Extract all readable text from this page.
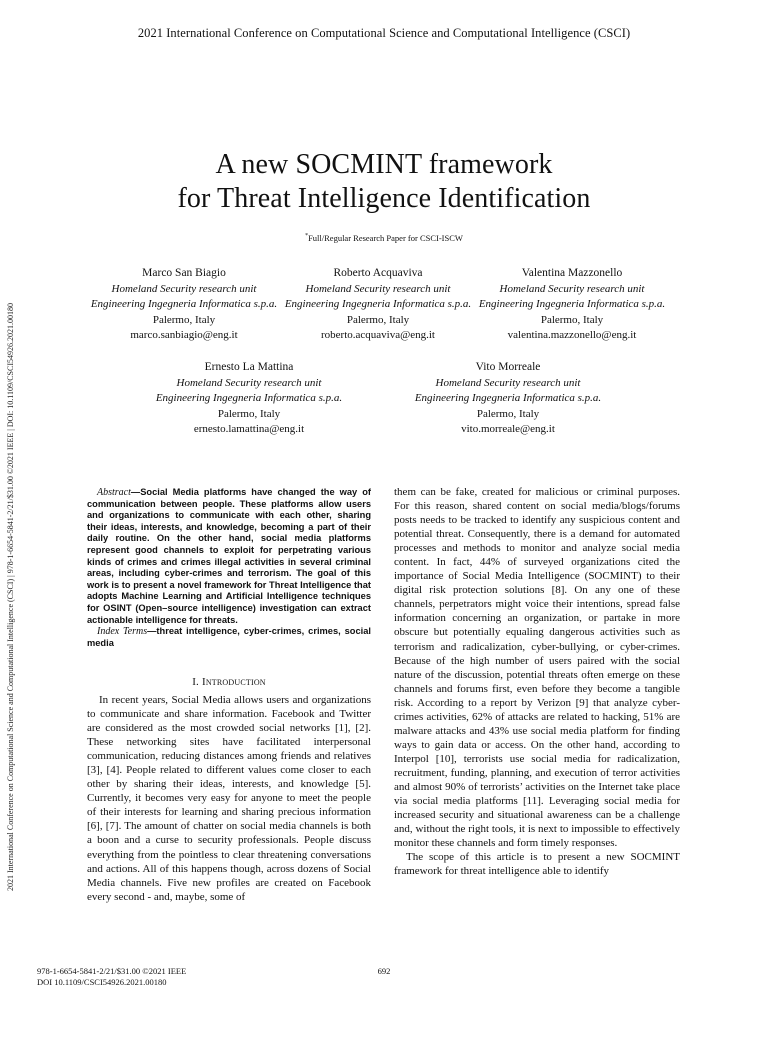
2021 International Conference on Computational Science and Computational Intelligence (CSCI)
2021 International Conference on Computational Science and Computational Intelligence (CSCI) | 978-1-6654-5841-2/21/$31.00 ©2021 IEEE | DOI: 10.1109/CSCI54926.2021.00180
A new SOCMINT framework
for Threat Intelligence Identification
*Full/Regular Research Paper for CSCI-ISCW
Marco San Biagio
Homeland Security research unit
Engineering Ingegneria Informatica s.p.a.
Palermo, Italy
marco.sanbiagio@eng.it
Roberto Acquaviva
Homeland Security research unit
Engineering Ingegneria Informatica s.p.a.
Palermo, Italy
roberto.acquaviva@eng.it
Valentina Mazzonello
Homeland Security research unit
Engineering Ingegneria Informatica s.p.a.
Palermo, Italy
valentina.mazzonello@eng.it
Ernesto La Mattina
Homeland Security research unit
Engineering Ingegneria Informatica s.p.a.
Palermo, Italy
ernesto.lamattina@eng.it
Vito Morreale
Homeland Security research unit
Engineering Ingegneria Informatica s.p.a.
Palermo, Italy
vito.morreale@eng.it

Abstract—Social Media platforms have changed the way of communication between people. These platforms allow users and organizations to communicate with each other, sharing their ideas, interests, and knowledge, becoming a part of their daily routine. On the other hand, social media platforms represent good channels to exploit for perpetrating various kinds of crimes and crimes illegal activities in several criminal areas, including cyber-crimes and terrorism. The goal of this work is to present a novel framework for Threat Intelligence that adopts Machine Learning and Artificial Intelligence techniques for OSINT (Open–source intelligence) investigation can extract actionable intelligence for threats.

Index Terms—threat intelligence, cyber-crimes, crimes, social media

I. Introduction

In recent years, Social Media allows users and organizations to communicate and share information. Facebook and Twitter are considered as the most crowded social networks [1], [2]. These networking sites have facilitated interpersonal communication, reducing distances among friends and relatives [3], [4]. People related to different values come closer to each other by sharing their ideas, interests, and knowledge [5]. Currently, it becomes very easy for anyone to meet the people of their interests for learning and sharing precious information [6], [7]. The amount of chatter on social media channels is both a boon and a curse to security professionals. People discuss everything from the pointless to clear threatening conversations and actions. All of this happens though, across dozens of Social Media channels. Five new profiles are created on Facebook every second - and, maybe, some of

them can be fake, created for malicious or criminal purposes. For this reason, shared content on social media/blogs/forums posts needs to be tracked to identify any suspicious content and potential threat. Consequently, there is a demand for automated processes and methods to monitor and analyze social media content. In fact, 44% of surveyed organizations cited the importance of Social Media Intelligence (SOCMINT) to their digital risk protection solutions [8]. On any one of these channels, perpetrators might voice their intentions, spread false information concerning an organization, or partake in more obscure but potentially equaling dangerous activities such as terrorism and radicalization, cyber-bullying, or cyber-crimes. Because of the high number of users paired with the social nature of the discussion, potential threats often emerge on these channels and forums first, even before they become a tangible risk. According to a report by Verizon [9] that analyze cyber-crimes activities, 62% of attacks are related to hacking, 51% are malware attacks and 43% use social media platform for finding ways to gain data or access. On the other hand, according to Interpol [10], terrorists use social media for radicalization, recruitment, funding, planning, and execution of terror activities and almost 90% of terrorists’ activities on the Internet take place via social media platforms [11]. Leveraging social media for increased security and situational awareness can be a challenge and, without the right tools, it is next to impossible to effectively monitor these channels and form timely responses.

The scope of this article is to present a new SOCMINT framework for threat intelligence able to identify

978-1-6654-5841-2/21/$31.00 ©2021 IEEE
DOI 10.1109/CSCI54926.2021.00180
692
